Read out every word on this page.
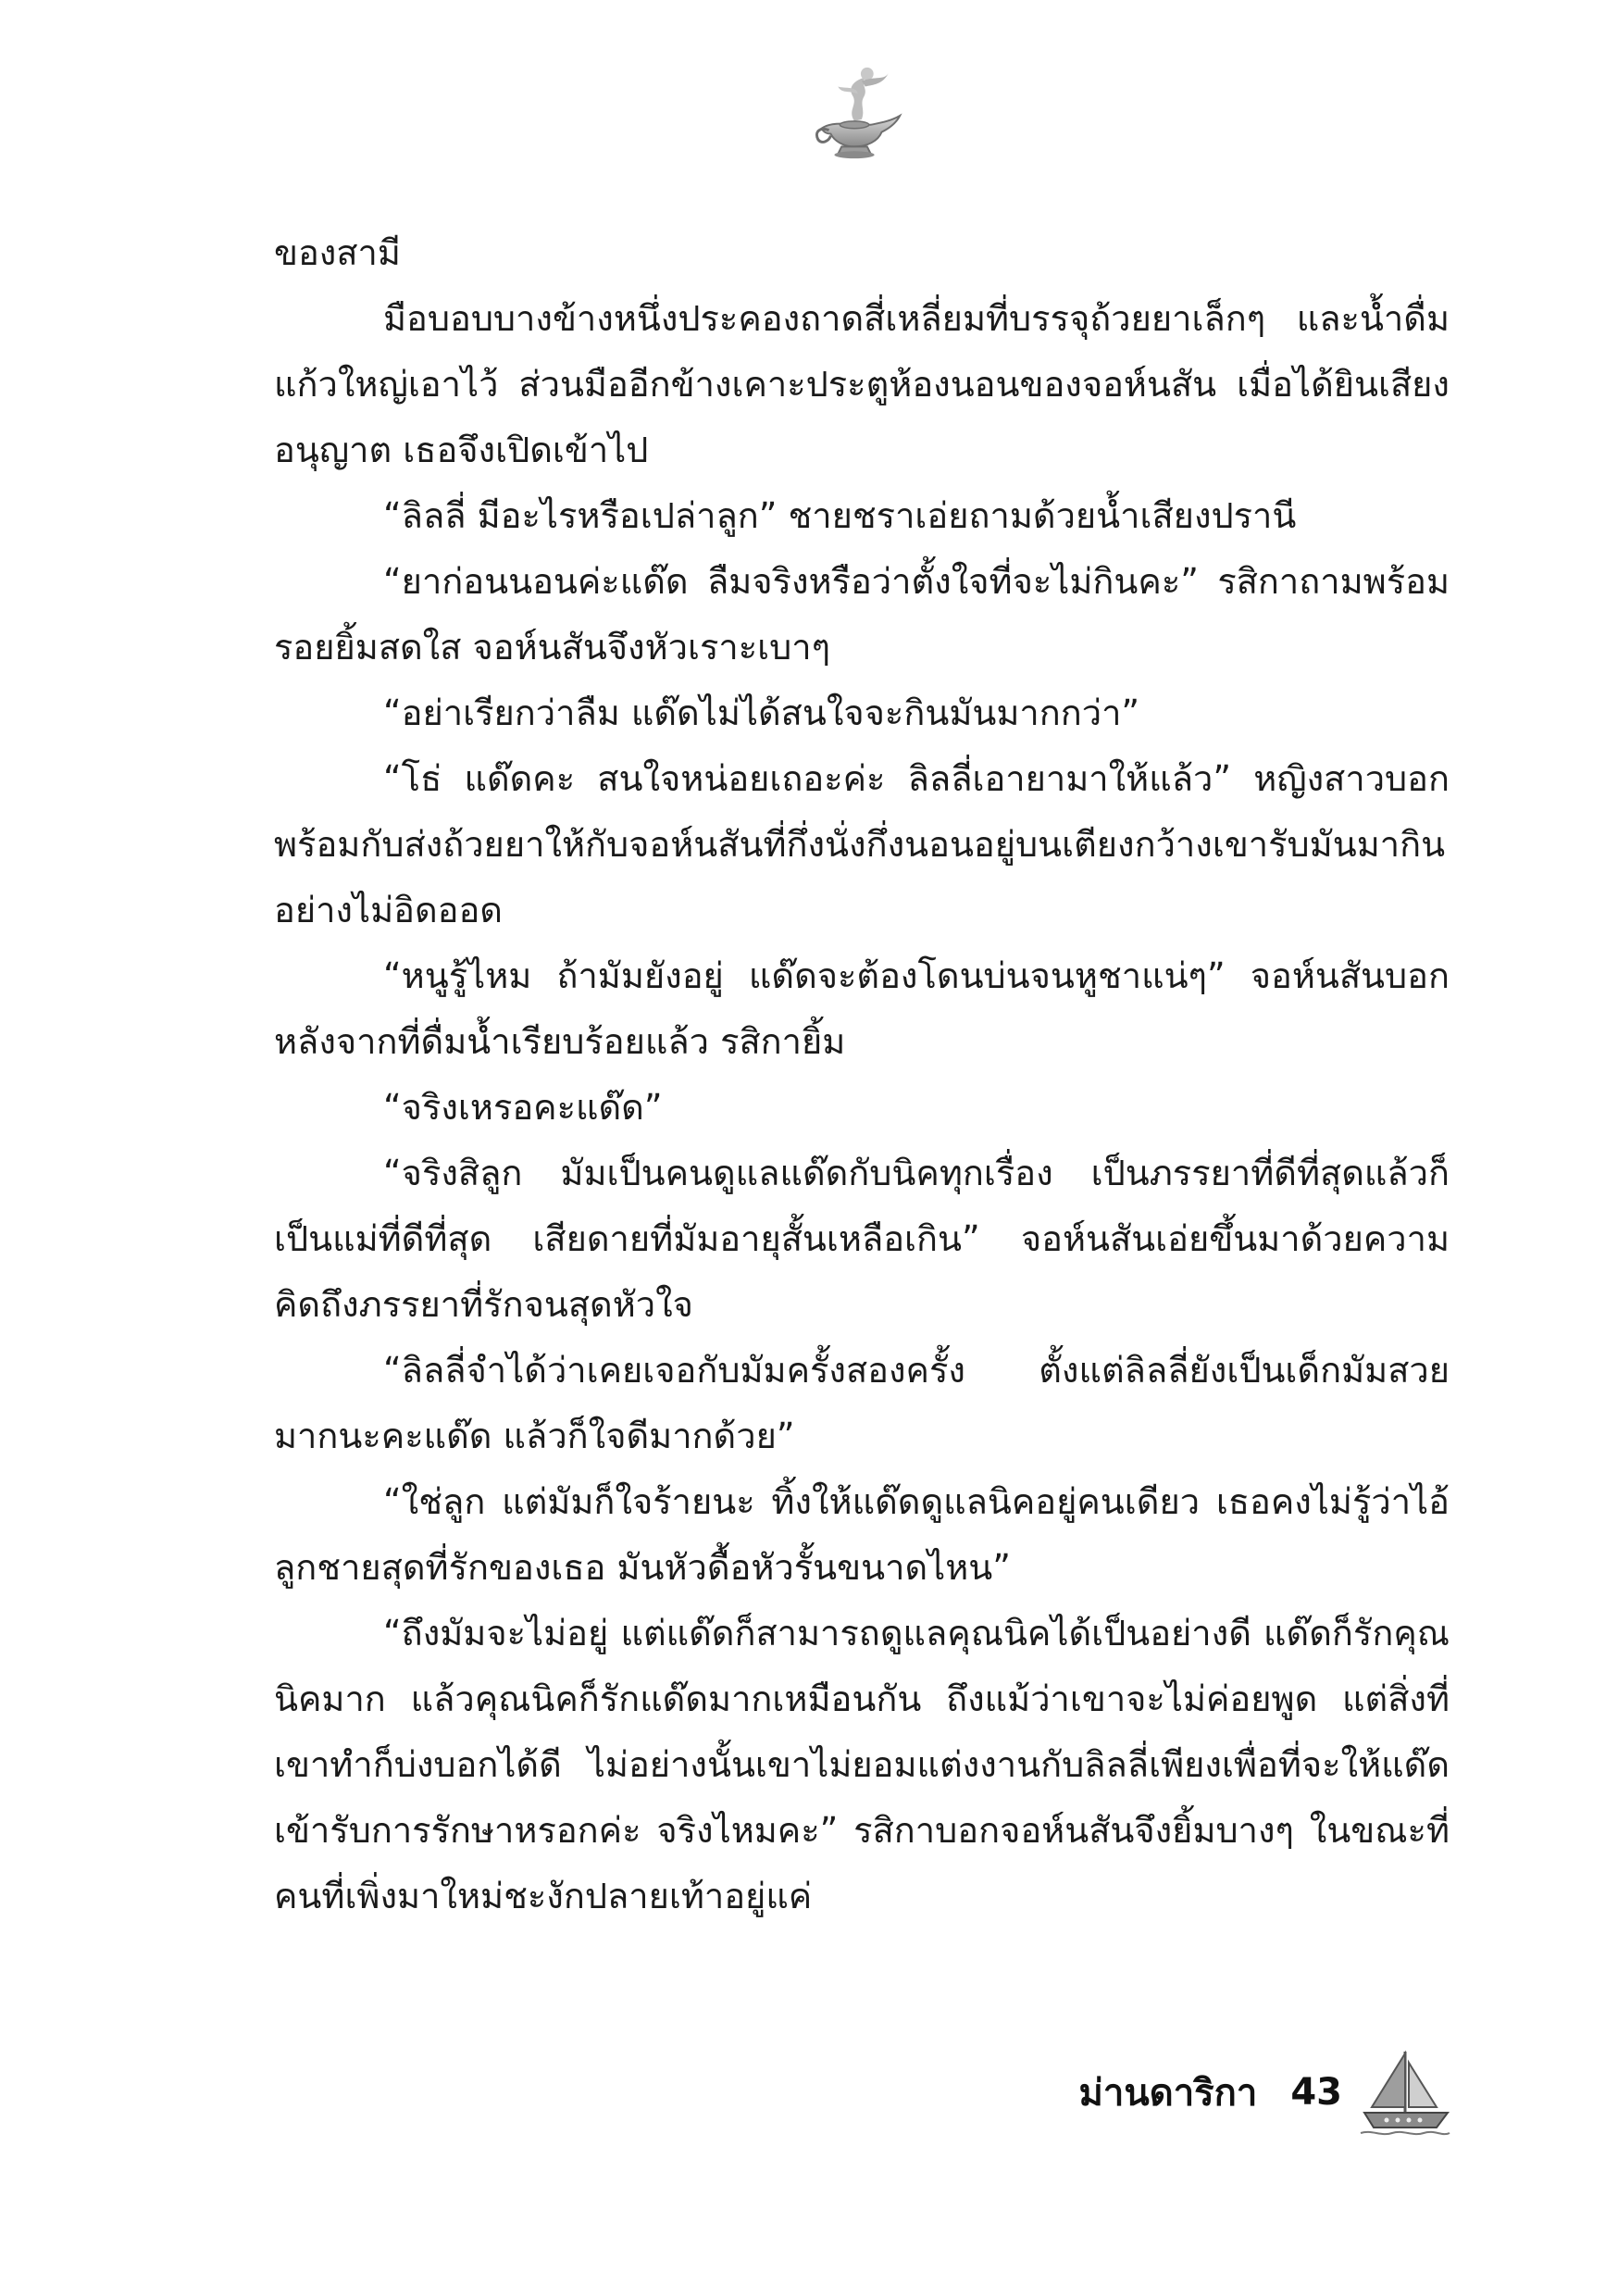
ของสามี

มือบอบบางข้างหนึ่งประคองถาดสี่เหลี่ยมที่บรรจุถ้วยยาเล็กๆ และน้ำดื่มแก้วใหญ่เอาไว้ ส่วนมืออีกข้างเคาะประตูห้องนอนของจอห์นสัน เมื่อได้ยินเสียงอนุญาต เธอจึงเปิดเข้าไป

“ลิลลี่ มีอะไรหรือเปล่าลูก” ชายชราเอ่ยถามด้วยน้ำเสียงปรานี

“ยาก่อนนอนค่ะแด๊ด ลืมจริงหรือว่าตั้งใจที่จะไม่กินคะ” รสิกาถามพร้อมรอยยิ้มสดใส จอห์นสันจึงหัวเราะเบาๆ

“อย่าเรียกว่าลืม แด๊ดไม่ได้สนใจจะกินมันมากกว่า”

“โธ่ แด๊ดคะ สนใจหน่อยเถอะค่ะ ลิลลี่เอายามาให้แล้ว” หญิงสาวบอกพร้อมกับส่งถ้วยยาให้กับจอห์นสันที่กึ่งนั่งกึ่งนอนอยู่บนเตียงกว้างเขารับมันมากินอย่างไม่อิดออด

“หนูรู้ไหม ถ้ามัมยังอยู่ แด๊ดจะต้องโดนบ่นจนหูชาแน่ๆ” จอห์นสันบอกหลังจากที่ดื่มน้ำเรียบร้อยแล้ว รสิกายิ้ม

“จริงเหรอคะแด๊ด”

“จริงสิลูก มัมเป็นคนดูแลแด๊ดกับนิคทุกเรื่อง เป็นภรรยาที่ดีที่สุดแล้วก็เป็นแม่ที่ดีที่สุด เสียดายที่มัมอายุสั้นเหลือเกิน” จอห์นสันเอ่ยขึ้นมาด้วยความคิดถึงภรรยาที่รักจนสุดหัวใจ

“ลิลลี่จำได้ว่าเคยเจอกับมัมครั้งสองครั้ง ตั้งแต่ลิลลี่ยังเป็นเด็กมัมสวยมากนะคะแด๊ด แล้วก็ใจดีมากด้วย”

“ใช่ลูก แต่มัมก็ใจร้ายนะ ทิ้งให้แด๊ดดูแลนิคอยู่คนเดียว เธอคงไม่รู้ว่าไอ้ลูกชายสุดที่รักของเธอ มันหัวดื้อหัวรั้นขนาดไหน”

“ถึงมัมจะไม่อยู่ แต่แด๊ดก็สามารถดูแลคุณนิคได้เป็นอย่างดี แด๊ดก็รักคุณนิคมาก แล้วคุณนิคก็รักแด๊ดมากเหมือนกัน ถึงแม้ว่าเขาจะไม่ค่อยพูด แต่สิ่งที่เขาทำก็บ่งบอกได้ดี ไม่อย่างนั้นเขาไม่ยอมแต่งงานกับลิลลี่เพียงเพื่อที่จะให้แด๊ดเข้ารับการรักษาหรอกค่ะ จริงไหมคะ” รสิกาบอกจอห์นสันจึงยิ้มบางๆ ในขณะที่คนที่เพิ่งมาใหม่ชะงักปลายเท้าอยู่แค่

ม่านดาริกา 43
